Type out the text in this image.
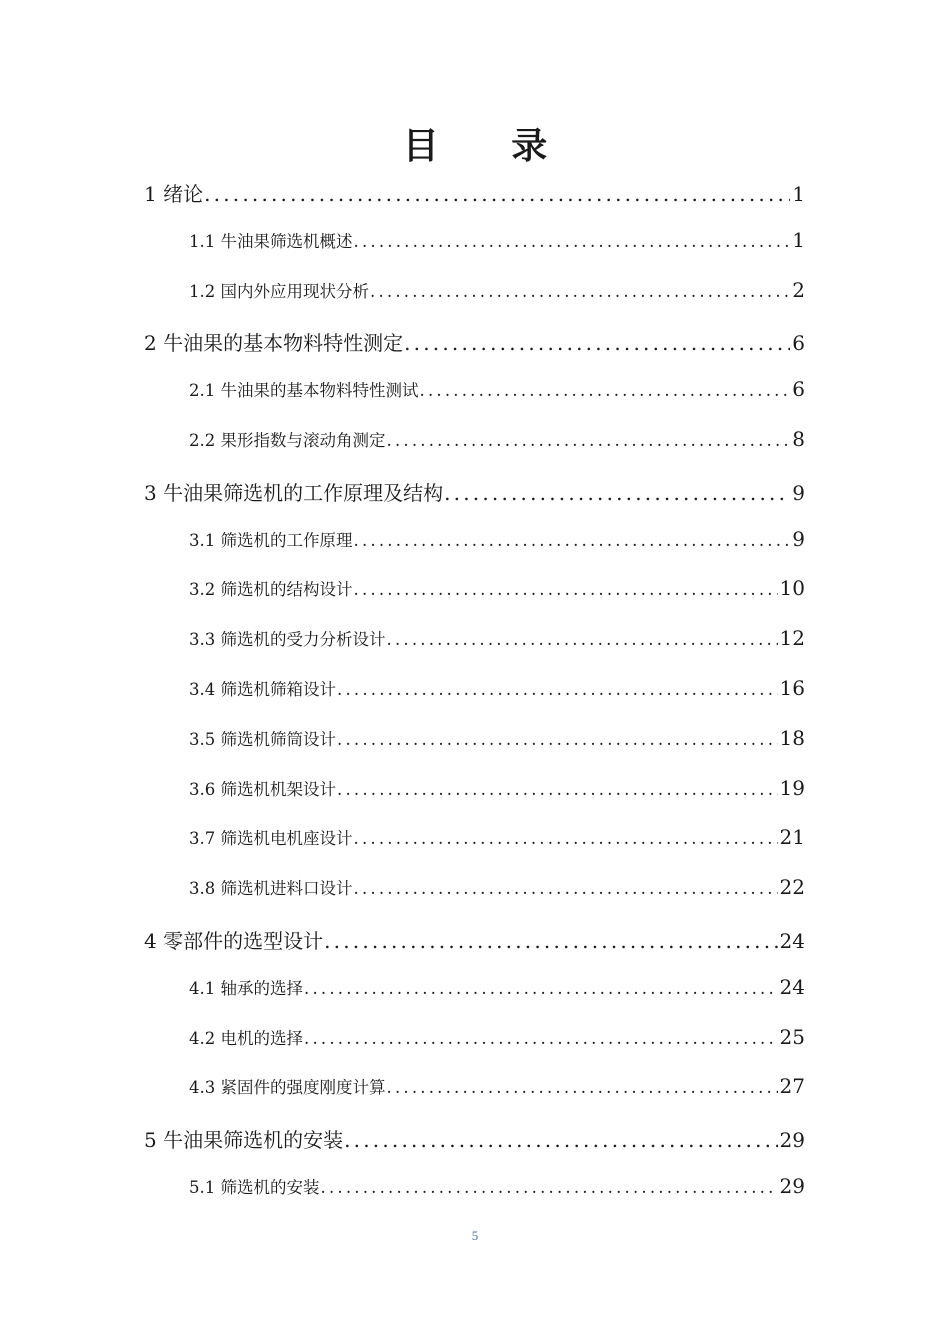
目 录
1 绪论 .....	1
1.1 牛油果筛选机概述 .....	1
1.2 国内外应用现状分析 .....	2
2 牛油果的基本物料特性测定 .....	6
2.1 牛油果的基本物料特性测试 .....	6
2.2 果形指数与滚动角测定 .....	8
3 牛油果筛选机的工作原理及结构 .....	9
3.1 筛选机的工作原理 .....	9
3.2 筛选机的结构设计 .....	10
3.3 筛选机的受力分析设计 .....	12
3.4 筛选机筛箱设计 .....	16
3.5 筛选机筛筒设计 .....	18
3.6 筛选机机架设计 .....	19
3.7 筛选机电机座设计 .....	21
3.8 筛选机进料口设计 .....	22
4 零部件的选型设计 .....	24
4.1 轴承的选择 .....	24
4.2 电机的选择 .....	25
4.3 紧固件的强度刚度计算 .....	27
5 牛油果筛选机的安装 .....	29
5.1 筛选机的安装 .....	29
5
